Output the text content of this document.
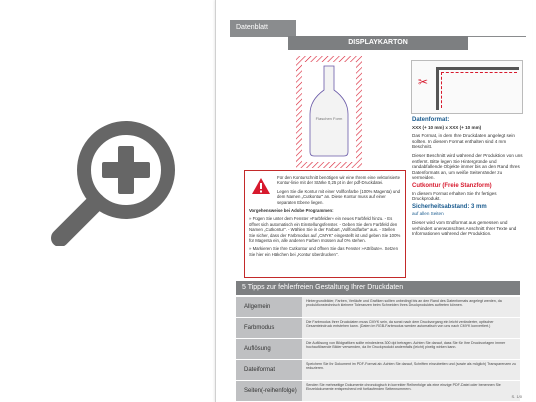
Datenblatt
DISPLAYKARTON
Flaschen Form
✂
Datenformat:

XXX (+ 10 mm) x XXX (+ 10 mm)

Das Format, in dem Ihre Druckdaten angelegt sein sollten. In diesem Format enthalten sind 4 mm Beschnitt.

Dieser Beschnitt wird während der Produktion von uns entfernt. Bitte legen Sie Hintergründe und randabfallende Objekte immer bis an den Rand Ihres Datenformats an, um weiße Seitenränder zu vermeiden.

Cutkontur (Freie Stanzform)

In diesem Format erhalten Sie Ihr fertiges Druckprodukt.

Sicherheitsabstand: 3 mm

auf allen Seiten

Dieser wird vom Endformat aus gemessen und verhindert unerwünschtes Anschnitt Ihrer Texte und Informationen während der Produktion.

Für den Konturschnitt benötigen wir eine Ihrem eine vektorisierte Kontur-linie mit der Stärke 0,25 pt in der pdf-Druckdatei.

Legen Sie die Kontur mit einer Vollfonfarbe (100% Magenta) und dem Namen „Cutkontur" an. Diese Kontur muss auf einer separaten Ebene liegen.

Vorgehensweise bei Adobe Programmen:

» Fügen Sie unter dem Fenster »Farbfelder« ein neues Farbfeld hinzu. - Es öffnet sich automatisch ein Einstellungsfenster. - Geben Sie dem Farbfeld den Namen „Cutkontur". - Wählen Sie in der Farbart „Vollfondfarbe" aus. - Stellen Sie sicher, dass der Farbmodus auf „CMYK" eingestellt ist und geben Sie 100% für Magenta ein, alle anderen Farben müssen auf 0% stehen.

» Markieren Sie Ihre Cutkontur und öffnen Sie das Fenster »Attribute«. Setzen Sie hier ein Häkchen bei „Kontur überdrucken".

5 Tipps zur fehlerfreien Gestaltung Ihrer Druckdaten
Allgemein
Hintergrundbilder, Farben, Verläufe und Grafiken sollten unbedingt bis an den Rand des Datenformats angelegt werden, da produktionstechnisch kleinere Toleranzen beim Schneiden Ihres Druckproduktes auftreten können.
Farbmodus
Die Farbmodus Ihrer Druckdaten muss CMYK sein, da sonst nach dem Druckvorgang ein leicht veränderter, optischer Gesamteindruck entstehen kann. (Daten im RGB-Farbmodus werden automatisch von uns nach CMYK konvertiert.)
Auflösung
Die Auflösung von Bildgrafiken sollte mindestens 300 dpi betragen. Achten Sie darauf, dass Sie für Ihre Druckvorlagen immer hochauflösende Bilder verwenden, da Ihr Druckprodukt andernfalls (leicht) pixelig wirken kann.
Dateiformat
Speichern Sie Ihr Dokument im PDF-Format ab. Achten Sie darauf, Schriften einzubetten und (sowie als möglich) Transparenzen zu reduzieren.
Seiten(-reihenfolge)
Senden Sie mehrseitige Dokumente chronologisch in korrekter Reihenfolge als eine einzige PDF-Datei oder benennen Sie Einzeldokumente entsprechend mit fortlaufenden Seitennummern.
S. 1/0
